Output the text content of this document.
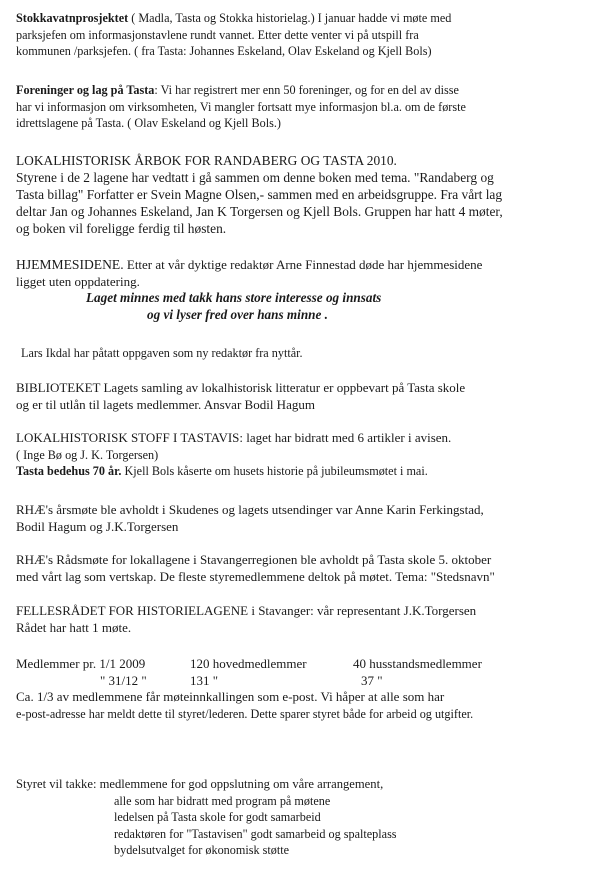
Stokkavatnprosjektet ( Madla, Tasta og Stokka historielag.) I januar hadde vi møte med
parksjefen om informasjonstavlene rundt vannet. Etter dette venter vi på utspill fra
kommunen /parksjefen. ( fra Tasta: Johannes Eskeland, Olav Eskeland og Kjell Bols)
Foreninger og lag på Tasta: Vi har registrert mer enn 50 foreninger, og for en del av disse
har vi informasjon om virksomheten, Vi mangler fortsatt mye informasjon bl.a. om de første
idrettslagene på Tasta. ( Olav Eskeland og Kjell Bols.)
LOKALHISTORISK ÅRBOK FOR RANDABERG OG TASTA 2010.
Styrene i de 2 lagene har vedtatt i gå sammen om denne boken med tema. "Randaberg og
Tasta billag" Forfatter er Svein Magne Olsen,- sammen med en arbeidsgruppe. Fra vårt lag
deltar Jan og Johannes Eskeland, Jan K Torgersen og Kjell Bols. Gruppen har hatt 4 møter,
og boken vil foreligge ferdig til høsten.
HJEMMESIDENE. Etter at vår dyktige redaktør Arne Finnestad døde har hjemmesidene
ligget uten oppdatering.
Laget minnes med takk hans store interesse og innsats
og vi lyser fred over hans minne .
Lars Ikdal har påtatt oppgaven som ny redaktør fra nyttår.
BIBLIOTEKET Lagets samling av lokalhistorisk litteratur er oppbevart på Tasta skole
og er til utlån til lagets medlemmer. Ansvar Bodil Hagum
LOKALHISTORISK STOFF I TASTAVIS: laget har bidratt med 6 artikler i avisen.
( Inge Bø og J. K. Torgersen)
Tasta bedehus 70 år. Kjell Bols kåserte om husets historie på jubileumsmøtet i mai.
RHÆ's årsmøte ble avholdt i Skudenes og lagets utsendinger var Anne Karin Ferkingstad,
Bodil Hagum og J.K.Torgersen
RHÆ's Rådsmøte for lokallagene i Stavangerregionen ble avholdt på Tasta skole 5. oktober
med vårt lag som vertskap. De fleste styremedlemmene deltok på møtet. Tema: "Stedsnavn"
FELLESRÅDET FOR HISTORIELAGENE i Stavanger: vår representant J.K.Torgersen
Rådet har hatt 1 møte.
Medlemmer pr. 1/1 2009	120 hovedmedlemmer	40 husstandsmedlemmer
" 31/12 "	131 "	37 "
Ca. 1/3 av medlemmene får møteinnkallingen som e-post. Vi håper at alle som har
e-post-adresse har meldt dette til styret/lederen. Dette sparer styret både for arbeid og utgifter.
Styret vil takke: medlemmene for god oppslutning om våre arrangement,
alle som har bidratt med program på møtene
ledelsen på Tasta skole for godt samarbeid
redaktøren for "Tastavisen" godt samarbeid og spalteplass
bydelsutvalget for økonomisk støtte
